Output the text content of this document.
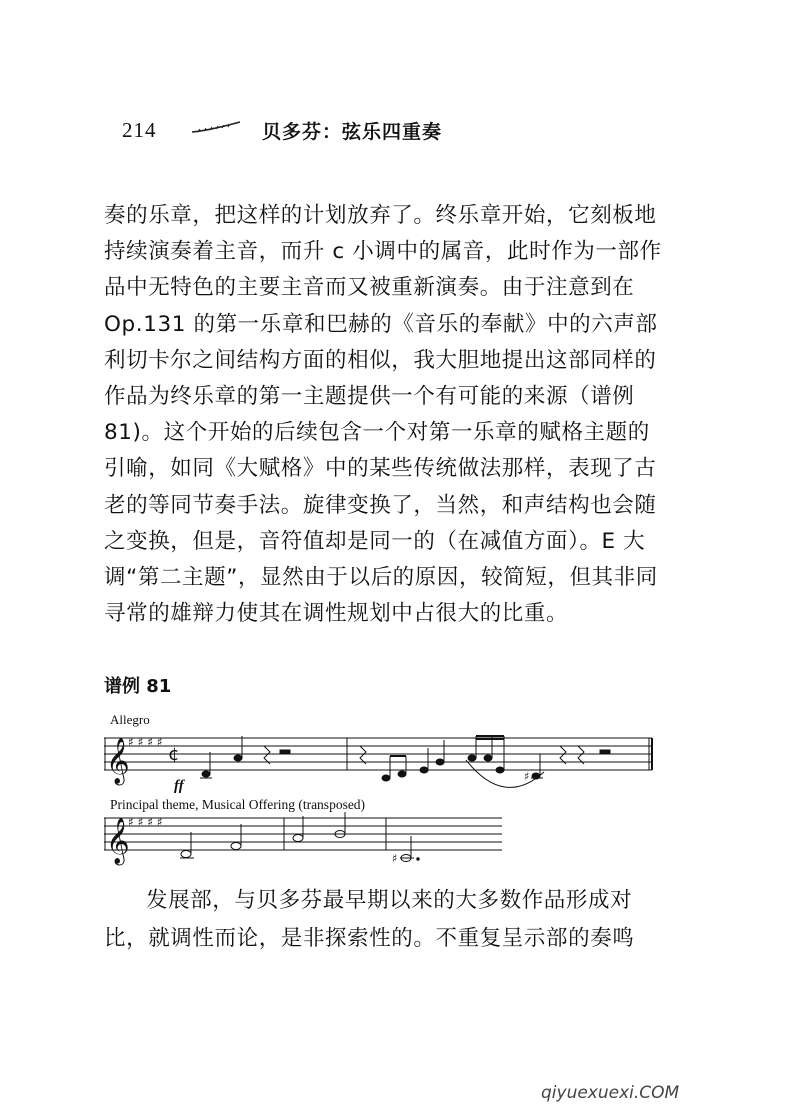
214	贝多芬：弦乐四重奏

奏的乐章，把这样的计划放弃了。终乐章开始，它刻板地持续演奏着主音，而升 c 小调中的属音，此时作为一部作品中无特色的主要主音而又被重新演奏。由于注意到在 Op.131 的第一乐章和巴赫的《音乐的奉献》中的六声部利切卡尔之间结构方面的相似，我大胆地提出这部同样的作品为终乐章的第一主题提供一个有可能的来源（谱例 81)。这个开始的后续包含一个对第一乐章的赋格主题的引喻，如同《大赋格》中的某些传统做法那样，表现了古老的等同节奏手法。旋律变换了，当然，和声结构也会随之变换，但是，音符值却是同一的（在减值方面）。E 大调“第二主题”，显然由于以后的原因，较简短，但其非同寻常的雄辩力使其在调性规划中占很大的比重。

谱例 81
Allegro
Principal theme, Musical Offering (transposed)
𝄞
♯ ♯ ♯ ♯
¢
ff
♯
𝄞
♯ ♯ ♯ ♯
♯
发展部，与贝多芬最早期以来的大多数作品形成对比，就调性而论，是非探索性的。不重复呈示部的奏鸣
qiyuexuexi.COM
